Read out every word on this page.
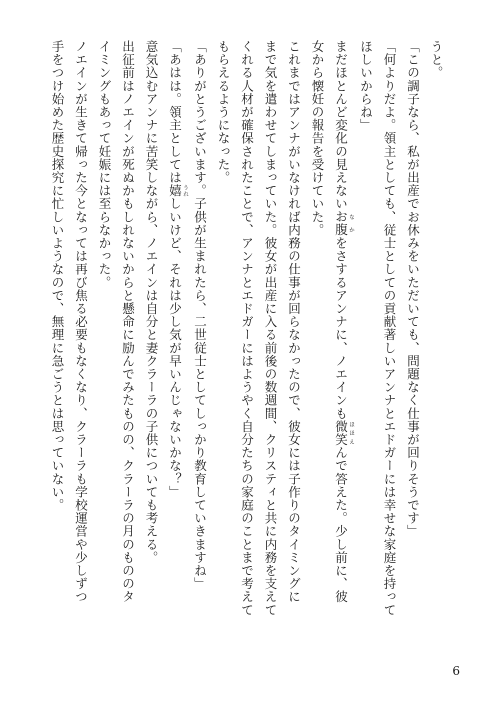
うと。
「この調子なら、私が出産でお休みをいただいても、問題なく仕事が回りそうです」
「何よりだよ。領主としても、従士としての貢献著しいアンナとエドガーには幸せな家庭を持って
ほしいからね」
まだほとんど変化の見えないお腹 なかをさするアンナに、ノエインも微笑 ほほえんで答えた。少し前に、彼
女から懐妊の報告を受けていた。
これまではアンナがいなければ内務の仕事が回らなかったので、彼女には子作りのタイミングに
まで気を遣わせてしまっていた。彼女が出産に入る前後の数週間、クリスティと共に内務を支えて
くれる人材が確保されたことで、アンナとエドガーにはようやく自分たちの家庭のことまで考えて
もらえるようになった。
「ありがとうございます。子供が生まれたら、二世従士としてしっかり教育していきますね」
「あはは。領主としては嬉 うれしいけど、それは少し気が早いんじゃないかな？」
意気込むアンナに苦笑しながら、ノエインは自分と妻クラーラの子供についても考える。
出征前はノエインが死ぬかもしれないからと懸命に励んでみたものの、クラーラの月のもののタ
イミングもあって妊娠には至らなかった。
ノエインが生きて帰った今となっては再び焦る必要もなくなり、クラーラも学校運営や少しずつ
手をつけ始めた歴史探究に忙しいようなので、無理に急ごうとは思っていない。
6
